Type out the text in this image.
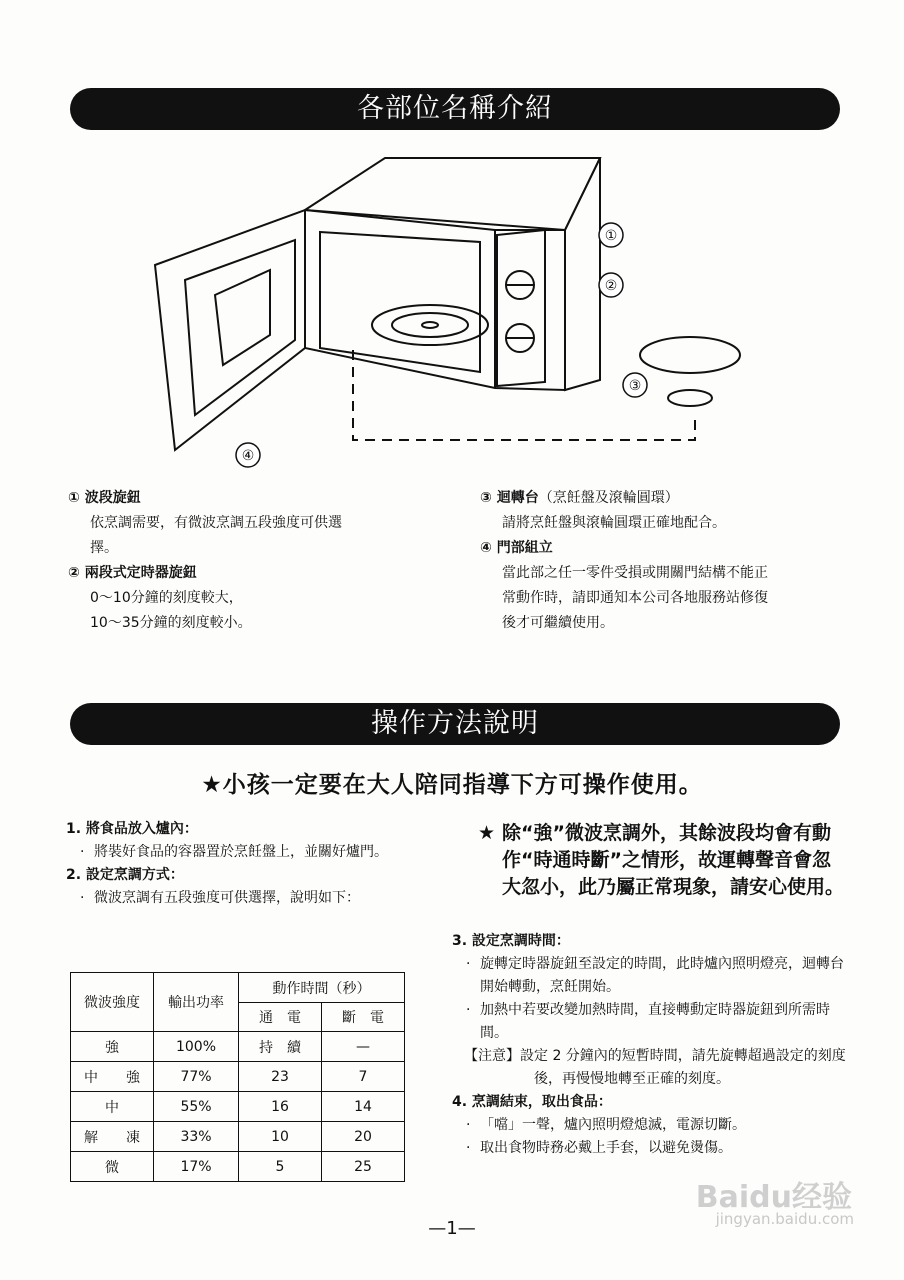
各部位名稱介紹
①
②
③
④
① 波段旋鈕
依烹調需要，有微波烹調五段強度可供選
擇。
② 兩段式定時器旋鈕
0～10分鐘的刻度較大，
10～35分鐘的刻度較小。
③ 迴轉台（烹飪盤及滾輪圓環）
請將烹飪盤與滾輪圓環正確地配合。
④ 門部組立
當此部之任一零件受損或開關門結構不能正
常動作時，請即通知本公司各地服務站修復
後才可繼續使用。
操作方法說明
★小孩一定要在大人陪同指導下方可操作使用。
1. 將食品放入爐內：
· 將裝好食品的容器置於烹飪盤上，並關好爐門。
2. 設定烹調方式：
· 微波烹調有五段強度可供選擇，說明如下：
微波強度	輸出功率	動作時間（秒）	
		通　電	斷　電
強	100%	持　續	—
中　　強	77%	23	7
中	55%	16	14
解　　凍	33%	10	20
微	17%	5	25
★ 除“強”微波烹調外，其餘波段均會有動作“時通時斷”之情形，故運轉聲音會忽大忽小，此乃屬正常現象，請安心使用。
3. 設定烹調時間：
· 旋轉定時器旋鈕至設定的時間，此時爐內照明燈亮，迴轉台開始轉動，烹飪開始。
· 加熱中若要改變加熱時間，直接轉動定時器旋鈕到所需時間。
【注意】設定 2 分鐘內的短暫時間，請先旋轉超過設定的刻度後，再慢慢地轉至正確的刻度。
4. 烹調結束，取出食品：
· 「噹」一聲，爐內照明燈熄滅，電源切斷。
· 取出食物時務必戴上手套，以避免燙傷。
Baidu经验
jingyan.baidu.com
—1—
